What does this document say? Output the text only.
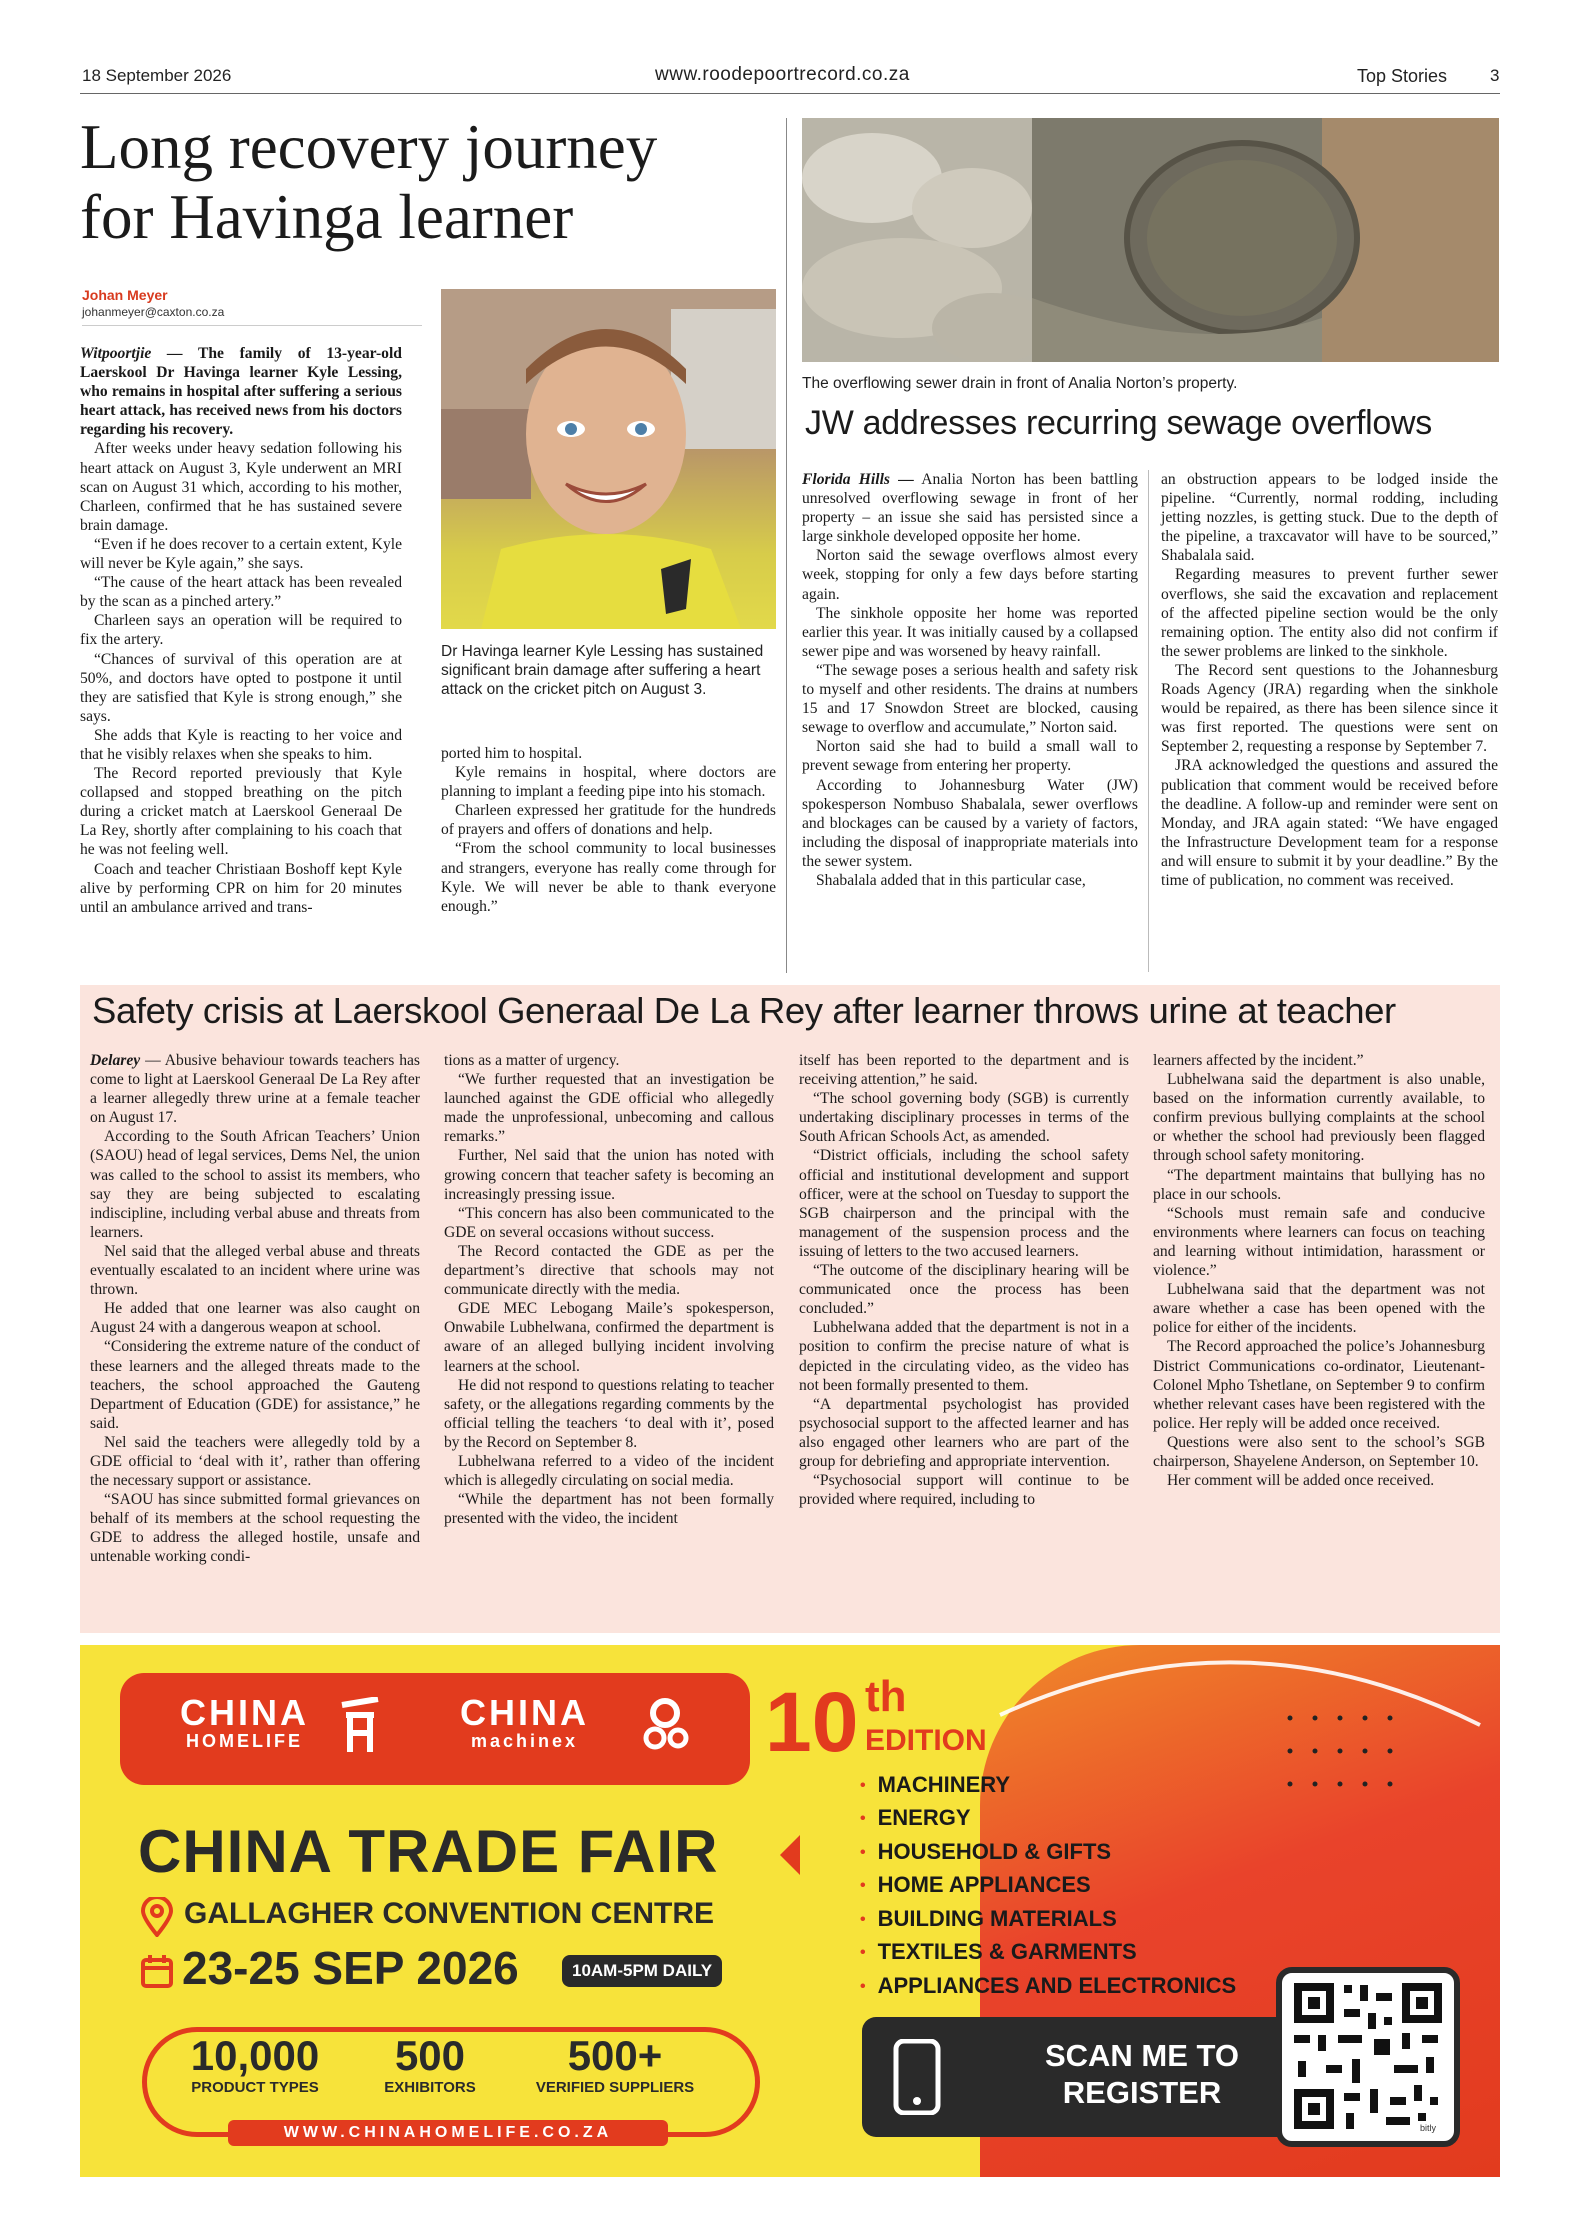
18 September 2026	www.roodepoortrecord.co.za	Top Stories	3
Long recovery journey
for Havinga learner
Johan Meyer
johanmeyer@caxton.co.za

Witpoortjie — The family of 13-year-old Laerskool Dr Havinga learner Kyle Lessing, who remains in hospital after suffering a serious heart attack, has received news from his doctors regarding his recovery.

After weeks under heavy sedation following his heart attack on August 3, Kyle underwent an MRI scan on August 31 which, according to his mother, Charleen, confirmed that he has sustained severe brain damage.

“Even if he does recover to a certain extent, Kyle will never be Kyle again,” she says.

“The cause of the heart attack has been revealed by the scan as a pinched artery.”

Charleen says an operation will be required to fix the artery.

“Chances of survival of this operation are at 50%, and doctors have opted to postpone it until they are satisfied that Kyle is strong enough,” she says.

She adds that Kyle is reacting to her voice and that he visibly relaxes when she speaks to him.

The Record reported previously that Kyle collapsed and stopped breathing on the pitch during a cricket match at Laerskool Generaal De La Rey, shortly after complaining to his coach that he was not feeling well.

Coach and teacher Christiaan Boshoff kept Kyle alive by performing CPR on him for 20 minutes until an ambulance arrived and trans-

Dr Havinga learner Kyle Lessing has sustained significant brain damage after suffering a heart attack on the cricket pitch on August 3.

ported him to hospital.

Kyle remains in hospital, where doctors are planning to implant a feeding pipe into his stomach.

Charleen expressed her gratitude for the hundreds of prayers and offers of donations and help.

“From the school community to local businesses and strangers, everyone has really come through for Kyle. We will never be able to thank everyone enough.”

The overflowing sewer drain in front of Analia Norton’s property.
JW addresses recurring sewage overflows

Florida Hills — Analia Norton has been battling unresolved overflowing sewage in front of her property – an issue she said has persisted since a large sinkhole developed opposite her home.

Norton said the sewage overflows almost every week, stopping for only a few days before starting again.

The sinkhole opposite her home was reported earlier this year. It was initially caused by a collapsed sewer pipe and was worsened by heavy rainfall.

“The sewage poses a serious health and safety risk to myself and other residents. The drains at numbers 15 and 17 Snowdon Street are blocked, causing sewage to overflow and accumulate,” Norton said.

Norton said she had to build a small wall to prevent sewage from entering her property.

According to Johannesburg Water (JW) spokesperson Nombuso Shabalala, sewer overflows and blockages can be caused by a variety of factors, including the disposal of inappropriate materials into the sewer system.

Shabalala added that in this particular case,

an obstruction appears to be lodged inside the pipeline. “Currently, normal rodding, including jetting nozzles, is getting stuck. Due to the depth of the pipeline, a traxcavator will have to be sourced,” Shabalala said.

Regarding measures to prevent further sewer overflows, she said the excavation and replacement of the affected pipeline section would be the only remaining option. The entity also did not confirm if the sewer problems are linked to the sinkhole.

The Record sent questions to the Johannesburg Roads Agency (JRA) regarding when the sinkhole would be repaired, as there has been silence since it was first reported. The questions were sent on September 2, requesting a response by September 7.

JRA acknowledged the questions and assured the publication that comment would be received before the deadline. A follow-up and reminder were sent on Monday, and JRA again stated: “We have engaged the Infrastructure Development team for a response and will ensure to submit it by your deadline.” By the time of publication, no comment was received.

Safety crisis at Laerskool Generaal De La Rey after learner throws urine at teacher

Delarey — Abusive behaviour towards teachers has come to light at Laerskool Generaal De La Rey after a learner allegedly threw urine at a female teacher on August 17.

According to the South African Teachers’ Union (SAOU) head of legal services, Dems Nel, the union was called to the school to assist its members, who say they are being subjected to escalating indiscipline, including verbal abuse and threats from learners.

Nel said that the alleged verbal abuse and threats eventually escalated to an incident where urine was thrown.

He added that one learner was also caught on August 24 with a dangerous weapon at school.

“Considering the extreme nature of the conduct of these learners and the alleged threats made to the teachers, the school approached the Gauteng Department of Education (GDE) for assistance,” he said.

Nel said the teachers were allegedly told by a GDE official to ‘deal with it’, rather than offering the necessary support or assistance.

“SAOU has since submitted formal grievances on behalf of its members at the school requesting the GDE to address the alleged hostile, unsafe and untenable working condi-

tions as a matter of urgency.

“We further requested that an investigation be launched against the GDE official who allegedly made the unprofessional, unbecoming and callous remarks.”

Further, Nel said that the union has noted with growing concern that teacher safety is becoming an increasingly pressing issue.

“This concern has also been communicated to the GDE on several occasions without success.

The Record contacted the GDE as per the department’s directive that schools may not communicate directly with the media.

GDE MEC Lebogang Maile’s spokesperson, Onwabile Lubhelwana, confirmed the department is aware of an alleged bullying incident involving learners at the school.

He did not respond to questions relating to teacher safety, or the allegations regarding comments by the official telling the teachers ‘to deal with it’, posed by the Record on September 8.

Lubhelwana referred to a video of the incident which is allegedly circulating on social media.

“While the department has not been formally presented with the video, the incident

itself has been reported to the department and is receiving attention,” he said.

“The school governing body (SGB) is currently undertaking disciplinary processes in terms of the South African Schools Act, as amended.

“District officials, including the school safety official and institutional development and support officer, were at the school on Tuesday to support the SGB chairperson and the principal with the management of the suspension process and the issuing of letters to the two accused learners.

“The outcome of the disciplinary hearing will be communicated once the process has been concluded.”

Lubhelwana added that the department is not in a position to confirm the precise nature of what is depicted in the circulating video, as the video has not been formally presented to them.

“A departmental psychologist has provided psychosocial support to the affected learner and has also engaged other learners who are part of the group for debriefing and appropriate intervention.

“Psychosocial support will continue to be provided where required, including to

learners affected by the incident.”

Lubhelwana said the department is also unable, based on the information currently available, to confirm previous bullying complaints at the school or whether the school had previously been flagged through school safety monitoring.

“The department maintains that bullying has no place in our schools.

“Schools must remain safe and conducive environments where learners can focus on teaching and learning without intimidation, harassment or violence.”

Lubhelwana said that the department was not aware whether a case has been opened with the police for either of the incidents.

The Record approached the police’s Johannesburg District Communications co-ordinator, Lieutenant-Colonel Mpho Tshetlane, on September 9 to confirm whether relevant cases have been registered with the police. Her reply will be added once received.

Questions were also sent to the school’s SGB chairperson, Shayelene Anderson, on September 10.

Her comment will be added once received.

CHINA
HOMELIFE
CHINA
machinex 10 th
EDITION
CHINA TRADE FAIR
GALLAGHER CONVENTION CENTRE
23-25 SEP 2026	10AM-5PM DAILY
10,000
PRODUCT TYPES
500
EXHIBITORS
500+
VERIFIED SUPPLIERS
WWW.CHINAHOMELIFE.CO.ZA
• MACHINERY
• ENERGY
• HOUSEHOLD & GIFTS
• HOME APPLIANCES
• BUILDING MATERIALS
• TEXTILES & GARMENTS
• APPLIANCES AND ELECTRONICS
SCAN ME TO
REGISTER
bitly
